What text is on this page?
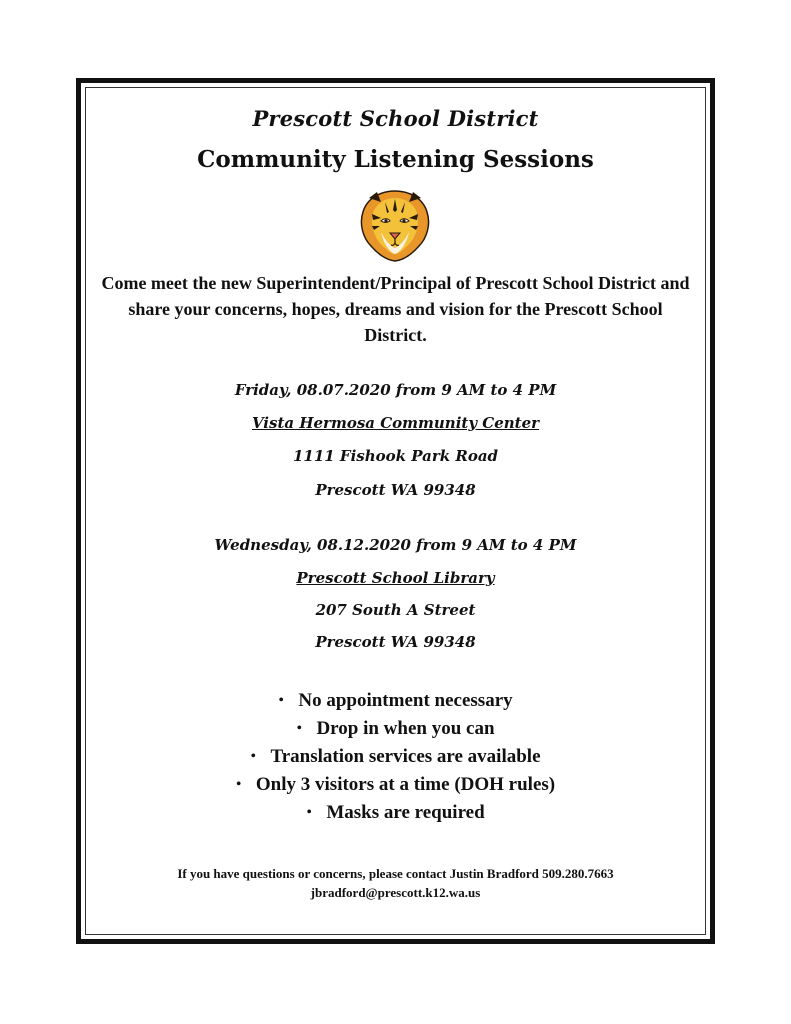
Prescott School District
Community Listening Sessions
Come meet the new Superintendent/Principal of Prescott School District and share your concerns, hopes, dreams and vision for the Prescott School District.
Friday, 08.07.2020 from 9 AM to 4 PM
Vista Hermosa Community Center
1111 Fishook Park Road
Prescott WA 99348
Wednesday, 08.12.2020 from 9 AM to 4 PM
Prescott School Library
207 South A Street
Prescott WA 99348
• No appointment necessary
• Drop in when you can
• Translation services are available
• Only 3 visitors at a time (DOH rules)
• Masks are required
If you have questions or concerns, please contact Justin Bradford 509.280.7663
jbradford@prescott.k12.wa.us
